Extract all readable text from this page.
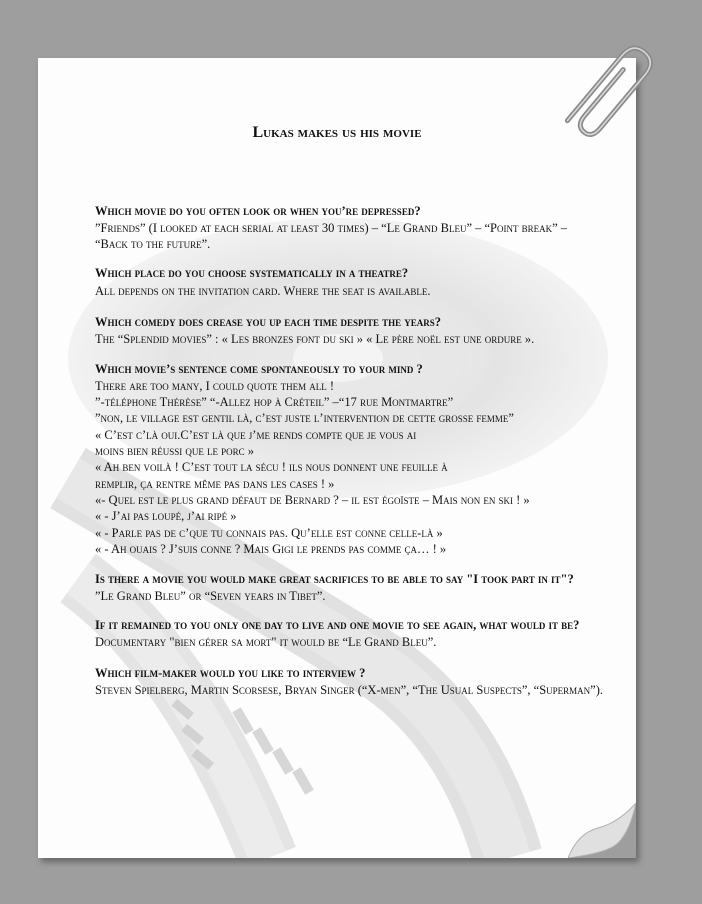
Lukas makes us his movie
Which movie do you often look or when you’re depressed?
”Friends” (I looked at each serial at least 30 times) – “Le Grand Bleu” – “Point break” –
“Back to the future”.
Which place do you choose systematically in a theatre?
All depends on the invitation card. Where the seat is available.
Which comedy does crease you up each time despite the years?
The “Splendid movies” : « Les bronzes font du ski » « Le père noël est une ordure ».
Which movie’s sentence come spontaneously to your mind ?
There are too many, I could quote them all !
”-téléphone Thérèse” “-Allez hop à Créteil” –“17 rue Montmartre”
”non, le village est gentil là, c’est juste l’intervention de cette grosse femme”
« C’est c’là oui.C’est là que j’me rends compte que je vous ai
moins bien réussi que le porc »
« Ah ben voilà ! C’est tout la sécu ! ils nous donnent une feuille à
remplir, ça rentre même pas dans les cases ! »
«- Quel est le plus grand défaut de Bernard ? – il est égoïste – Mais non en ski ! »
« - J’ai pas loupé, j’ai ripé »
« - Parle pas de c’que tu connais pas. Qu’elle est conne celle-là »
« - Ah ouais ? J’suis conne ? Mais Gigi le prends pas comme ça… ! »
Is there a movie you would make great sacrifices to be able to say "I took part in it"?
”Le Grand Bleu” or “Seven years in Tibet”.
If it remained to you only one day to live and one movie to see again, what would it be?
Documentary "bien gérer sa mort" it would be “Le Grand Bleu”.
Which film-maker would you like to interview ?
Steven Spielberg, Martin Scorsese, Bryan Singer (“X-men”, “The Usual Suspects”, “Superman”).
